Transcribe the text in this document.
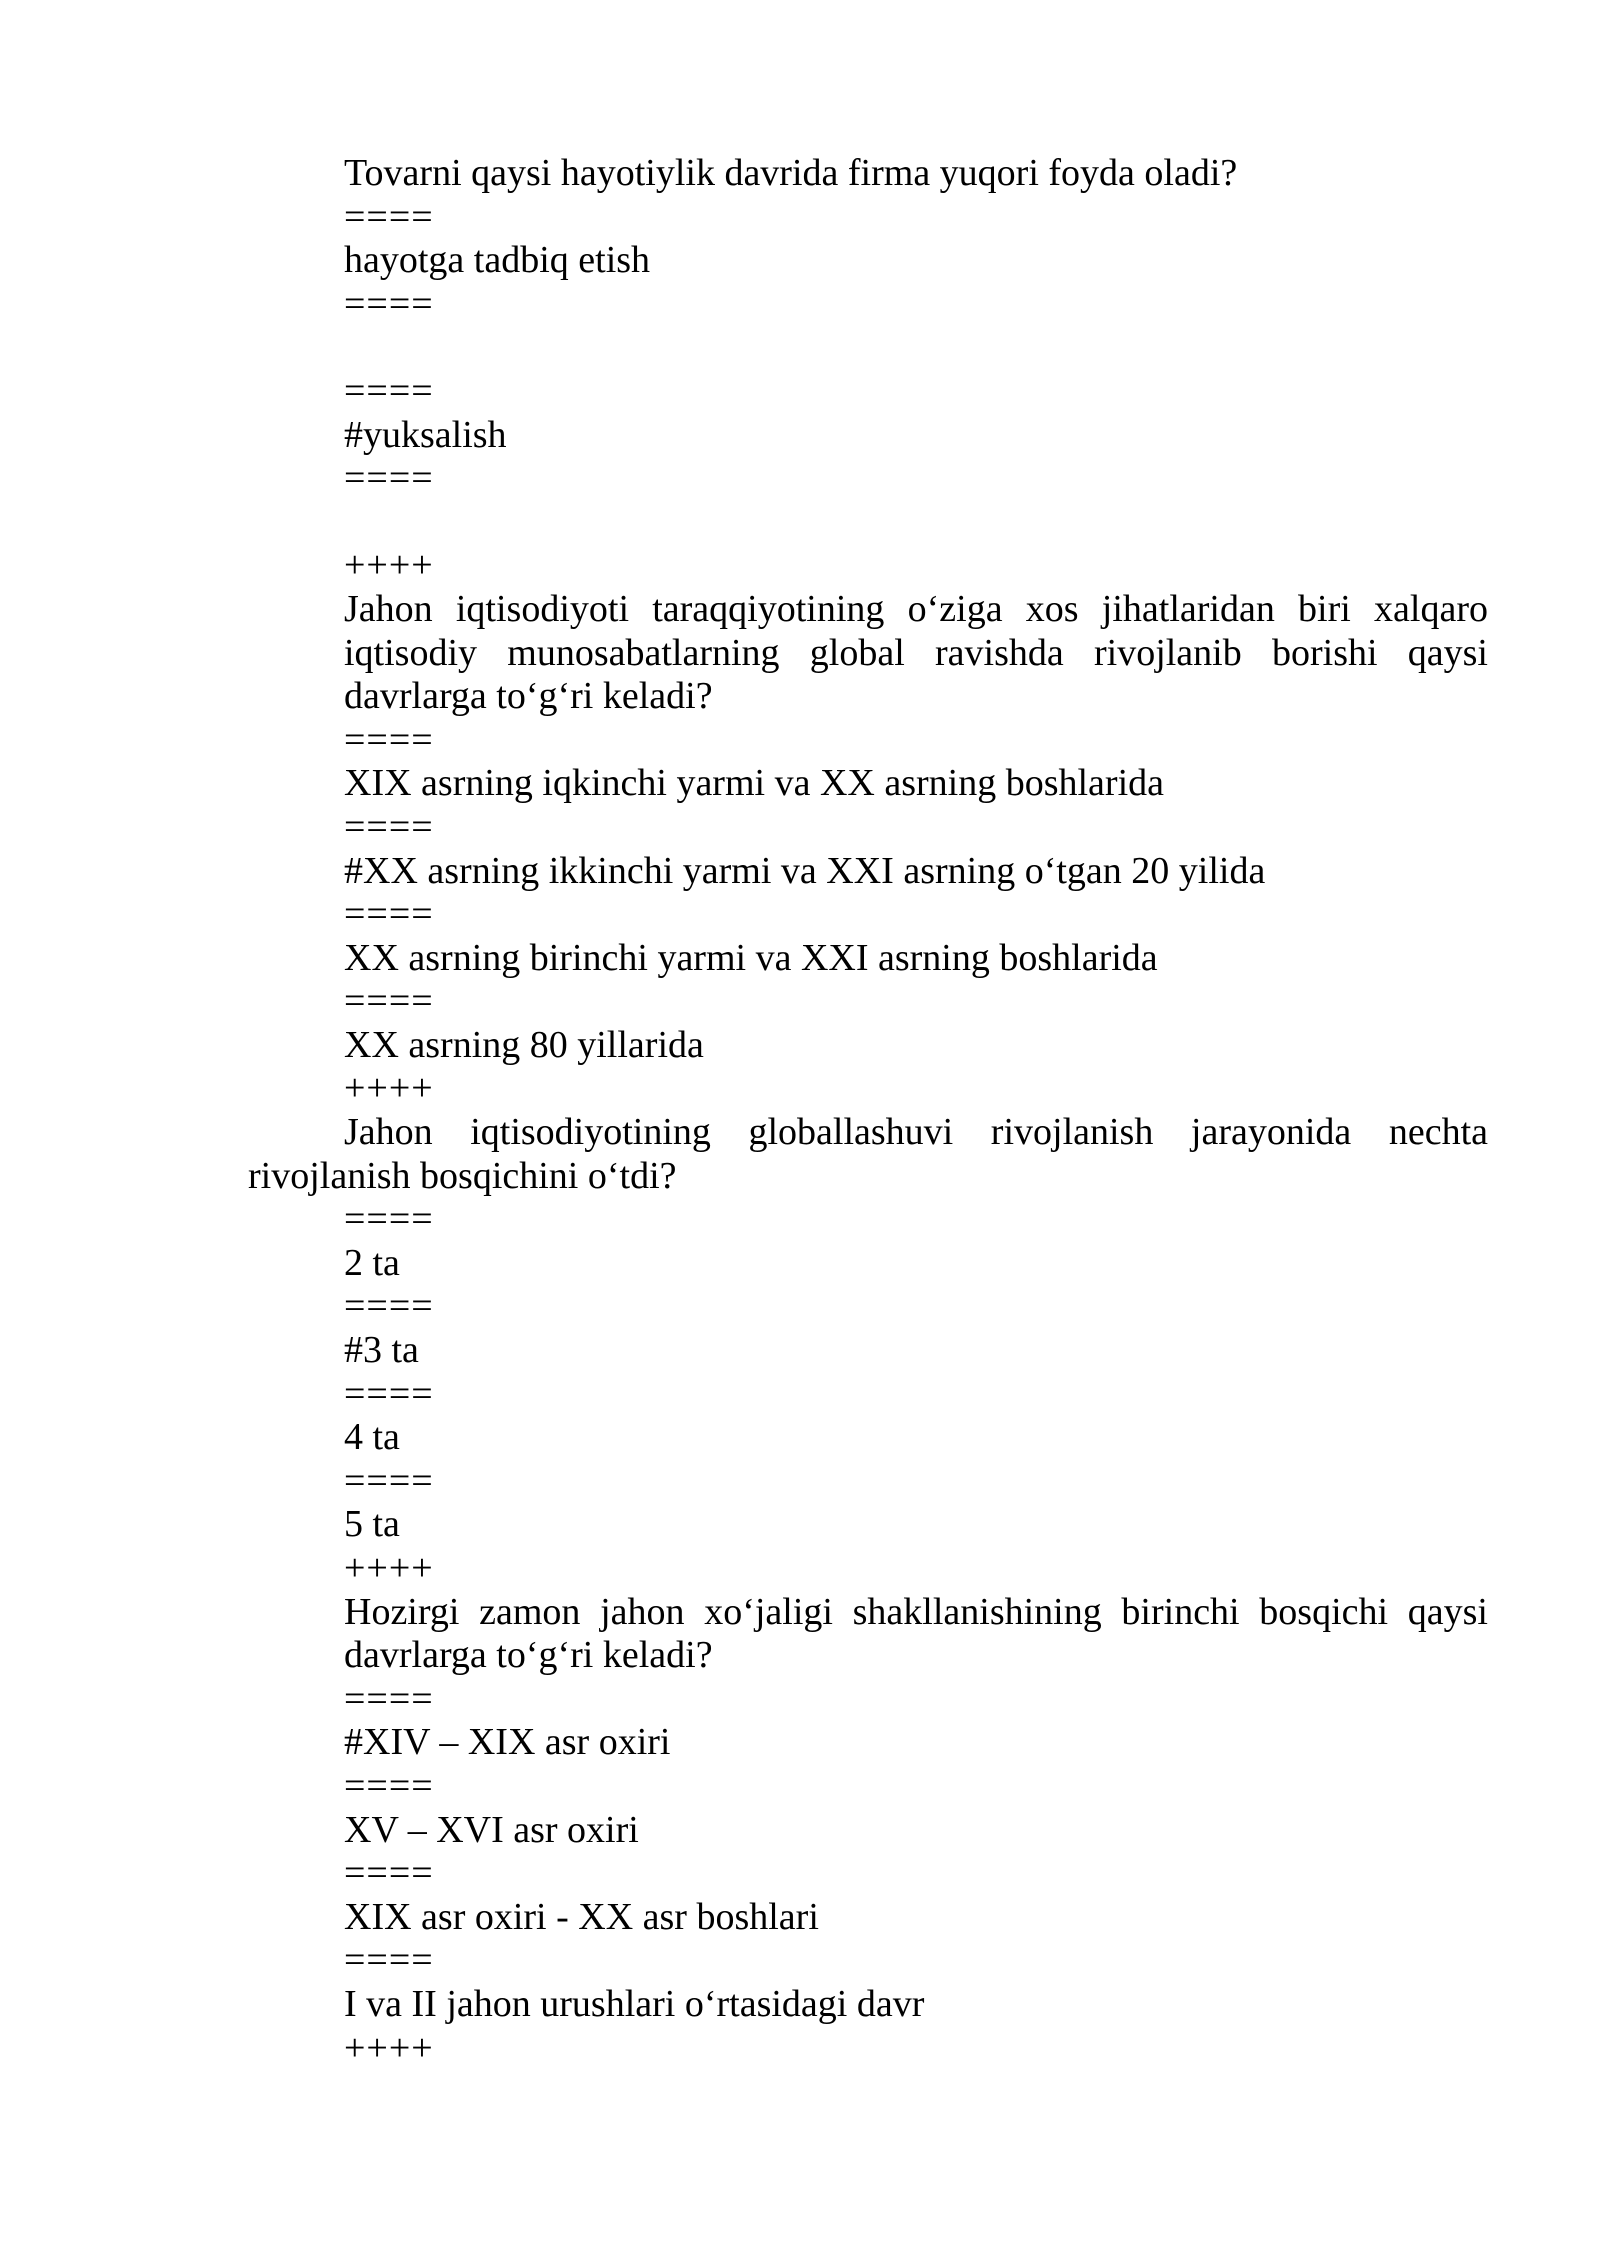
Tovarni qaysi hayotiylik davrida firma yuqori foyda oladi?
====
hayotga tadbiq etish
====
====
#yuksalish
====
++++
Jahon iqtisodiyoti taraqqiyotining o‘ziga xos jihatlaridan biri xalqaro iqtisodiy munosabatlarning global ravishda rivojlanib borishi qaysi davrlarga to‘g‘ri keladi?
====
XIX asrning iqkinchi yarmi va XX asrning boshlarida
====
#XX asrning ikkinchi yarmi va XXI asrning o‘tgan 20 yilida
====
XX asrning birinchi yarmi va XXI asrning boshlarida
====
XX asrning 80 yillarida
++++
Jahon iqtisodiyotining globallashuvi rivojlanish jarayonida nechta rivojlanish bosqichini o‘tdi?
====
2 ta
====
#3 ta
====
4 ta
====
5 ta
++++
Hozirgi zamon jahon xo‘jaligi shakllanishining birinchi bosqichi qaysi davrlarga to‘g‘ri keladi?
====
#XIV – XIX asr oxiri
====
XV – XVI asr oxiri
====
XIX asr oxiri - XX asr boshlari
====
I va II jahon urushlari o‘rtasidagi davr
++++
